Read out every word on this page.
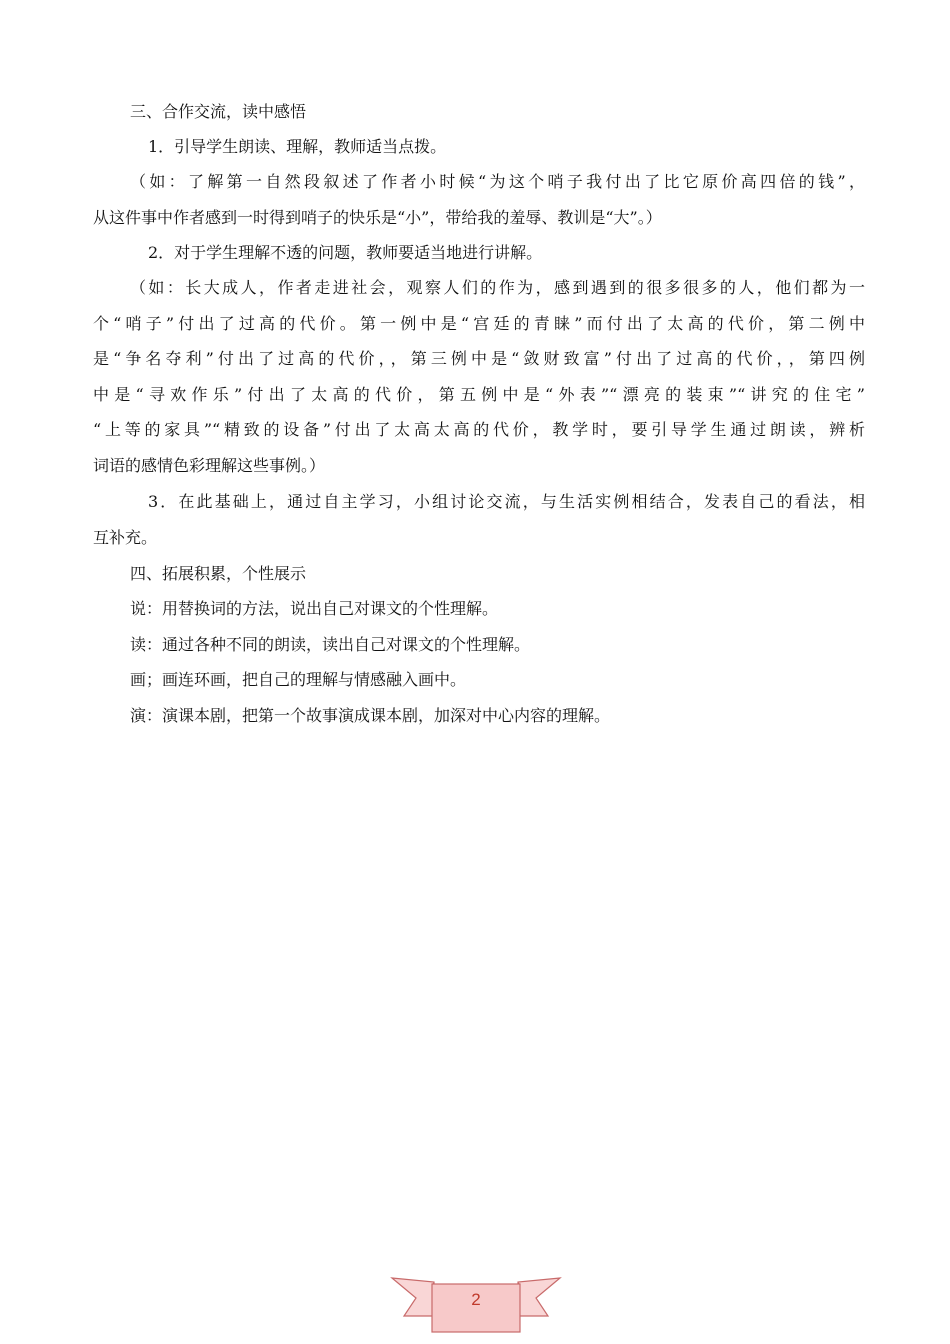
三、合作交流，读中感悟
1．引导学生朗读、理解，教师适当点拨。
（如：了解第一自然段叙述了作者小时候“为这个哨子我付出了比它原价高四倍的钱”，
从这件事中作者感到一时得到哨子的快乐是“小”，带给我的羞辱、教训是“大”。）
2．对于学生理解不透的问题，教师要适当地进行讲解。
（如：长大成人，作者走进社会，观察人们的作为，感到遇到的很多很多的人，他们都为一
个“哨子”付出了过高的代价。第一例中是“宫廷的青睐”而付出了太高的代价，第二例中
是“争名夺利”付出了过高的代价，，第三例中是“敛财致富”付出了过高的代价，，第四例
中是“寻欢作乐”付出了太高的代价，第五例中是“外表”“漂亮的装束”“讲究的住宅”
“上等的家具”“精致的设备”付出了太高太高的代价，教学时，要引导学生通过朗读，辨析
词语的感情色彩理解这些事例。）
3．在此基础上，通过自主学习，小组讨论交流，与生活实例相结合，发表自己的看法，相
互补充。
四、拓展积累，个性展示
说：用替换词的方法，说出自己对课文的个性理解。
读：通过各种不同的朗读，读出自己对课文的个性理解。
画；画连环画，把自己的理解与情感融入画中。
演：演课本剧，把第一个故事演成课本剧，加深对中心内容的理解。
2
